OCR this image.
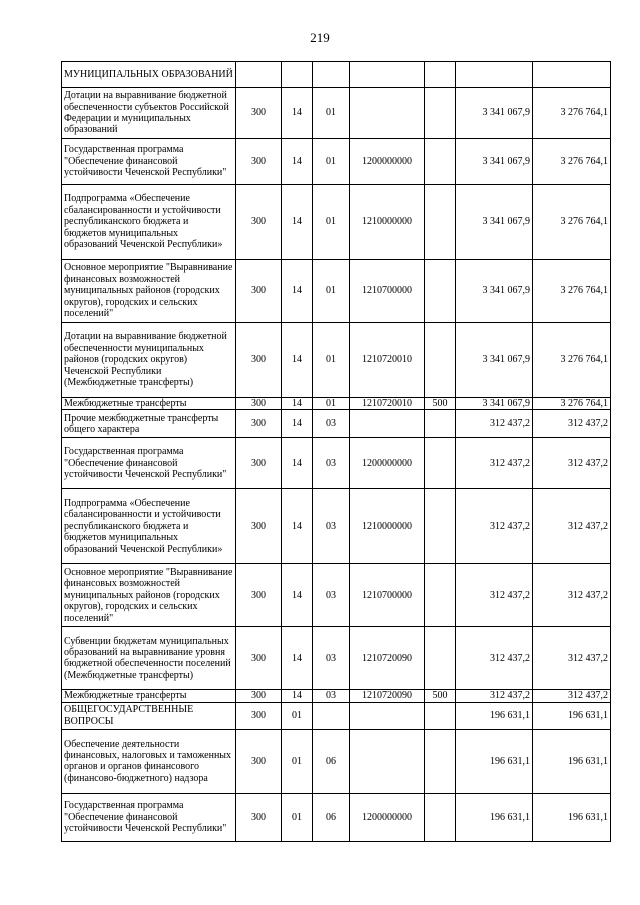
219
МУНИЦИПАЛЬНЫХ ОБРАЗОВАНИЙ							
Дотации на выравнивание бюджетной обеспеченности субъектов Российской Федерации и муниципальных образований	300	14	01			3 341 067,9	3 276 764,1
Государственная программа "Обеспечение финансовой устойчивости Чеченской Республики"	300	14	01	1200000000		3 341 067,9	3 276 764,1
Подпрограмма «Обеспечение сбалансированности и устойчивости республиканского бюджета и бюджетов муниципальных образований Чеченской Республики»	300	14	01	1210000000		3 341 067,9	3 276 764,1
Основное мероприятие "Выравнивание финансовых возможностей муниципальных районов (городских округов), городских и сельских поселений"	300	14	01	1210700000		3 341 067,9	3 276 764,1
Дотации на выравнивание бюджетной обеспеченности муниципальных районов (городских округов) Чеченской Республики (Межбюджетные трансферты)	300	14	01	1210720010		3 341 067,9	3 276 764,1
Межбюджетные трансферты	300	14	01	1210720010	500	3 341 067,9	3 276 764,1
Прочие межбюджетные трансферты общего характера	300	14	03			312 437,2	312 437,2
Государственная программа "Обеспечение финансовой устойчивости Чеченской Республики"	300	14	03	1200000000		312 437,2	312 437,2
Подпрограмма «Обеспечение сбалансированности и устойчивости республиканского бюджета и бюджетов муниципальных образований Чеченской Республики»	300	14	03	1210000000		312 437,2	312 437,2
Основное мероприятие "Выравнивание финансовых возможностей муниципальных районов (городских округов), городских и сельских поселений"	300	14	03	1210700000		312 437,2	312 437,2
Субвенции бюджетам муниципальных образований на выравнивание уровня бюджетной обеспеченности поселений (Межбюджетные трансферты)	300	14	03	1210720090		312 437,2	312 437,2
Межбюджетные трансферты	300	14	03	1210720090	500	312 437,2	312 437,2
ОБЩЕГОСУДАРСТВЕННЫЕ ВОПРОСЫ	300	01				196 631,1	196 631,1
Обеспечение деятельности финансовых, налоговых и таможенных органов и органов финансового (финансово-бюджетного) надзора	300	01	06			196 631,1	196 631,1
Государственная программа "Обеспечение финансовой устойчивости Чеченской Республики"	300	01	06	1200000000		196 631,1	196 631,1
